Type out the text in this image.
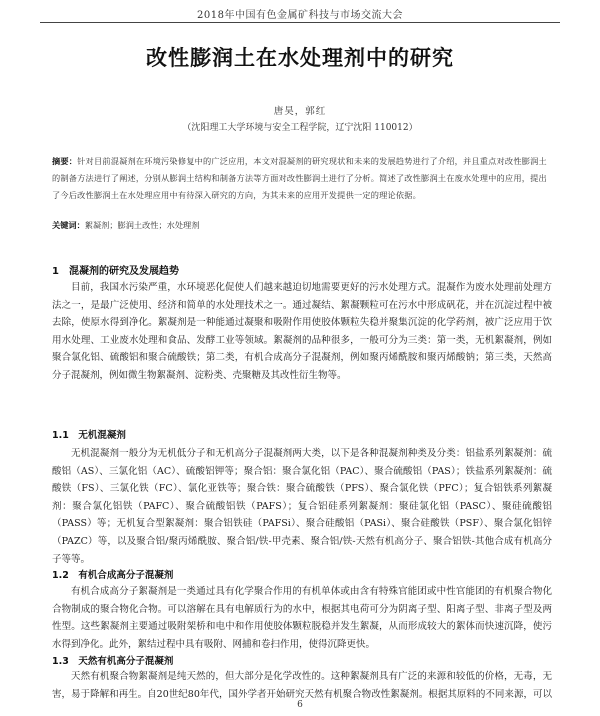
2018年中国有色金属矿科技与市场交流大会
改性膨润土在水处理剂中的研究
唐昊，郭红
（沈阳理工大学环境与安全工程学院，辽宁沈阳 110012）
摘要：针对目前混凝剂在环境污染修复中的广泛应用，本文对混凝剂的研究现状和未来的发展趋势进行了介绍，并且重点对改性膨润土的制备方法进行了阐述，分别从膨润土结构和制备方法等方面对改性膨润土进行了分析。简述了改性膨润土在废水处理中的应用，提出了今后改性膨润土在水处理应用中有待深入研究的方向，为其未来的应用开发提供一定的理论依据。
关键词：絮凝剂；膨润土改性；水处理剂
1　混凝剂的研究及发展趋势
目前，我国水污染严重，水环境恶化促使人们越来越迫切地需要更好的污水处理方式。混凝作为废水处理前处理方法之一，是最广泛使用、经济和简单的水处理技术之一。通过凝结、絮凝颗粒可在污水中形成矾花，并在沉淀过程中被去除，使原水得到净化。絮凝剂是一种能通过凝聚和吸附作用使胶体颗粒失稳并聚集沉淀的化学药剂，被广泛应用于饮用水处理、工业废水处理和食品、发酵工业等领域。絮凝剂的品种很多，一般可分为三类：第一类，无机絮凝剂，例如聚合氯化铝、硫酸铝和聚合硫酸铁；第二类，有机合成高分子混凝剂，例如聚丙烯酰胺和聚丙烯酸钠；第三类，天然高分子混凝剂，例如微生物絮凝剂、淀粉类、壳聚糖及其改性衍生物等。
1.1　无机混凝剂
无机混凝剂一般分为无机低分子和无机高分子混凝剂两大类，以下是各种混凝剂种类及分类：铝盐系列絮凝剂：硫酸铝（AS）、三氯化铝（AC）、硫酸铝钾等；聚合铝：聚合氯化铝（PAC）、聚合硫酸铝（PAS）；铁盐系列絮凝剂：硫酸铁（FS）、三氯化铁（FC）、氯化亚铁等；聚合铁：聚合硫酸铁（PFS）、聚合氯化铁（PFC）；复合铝铁系列絮凝剂：聚合氯化铝铁（PAFC）、聚合硫酸铝铁（PAFS）；复合铝硅系列絮凝剂：聚硅氯化铝（PASC）、聚硅硫酸铝（PASS）等；无机复合型絮凝剂：聚合铝铁硅（PAFSi）、聚合硅酸铝（PASi）、聚合硅酸铁（PSF）、聚合氯化铝锌（PAZC）等，以及聚合铝/聚丙烯酰胺、聚合铝/铁-甲壳素、聚合铝/铁-天然有机高分子、聚合铝铁-其他合成有机高分子等等。
1.2　有机合成高分子混凝剂
有机合成高分子絮凝剂是一类通过具有化学聚合作用的有机单体或由含有特殊官能团或中性官能团的有机聚合物化合物制成的聚合物化合物。可以溶解在具有电解质行为的水中，根据其电荷可分为阴离子型、阳离子型、非离子型及两性型。这些絮凝剂主要通过吸附架桥和电中和作用使胶体颗粒脱稳并发生絮凝，从而形成较大的絮体而快速沉降，使污水得到净化。此外，絮结过程中具有吸附、网捕和卷扫作用，使得沉降更快。
1.3　天然有机高分子混凝剂
天然有机聚合物絮凝剂是纯天然的，但大部分是化学改性的。这种絮凝剂具有广泛的来源和较低的价格，无毒，无害，易于降解和再生。自20世纪80年代，国外学者开始研究天然有机聚合物改性絮凝剂。根据其原料的不同来源，可以
6
